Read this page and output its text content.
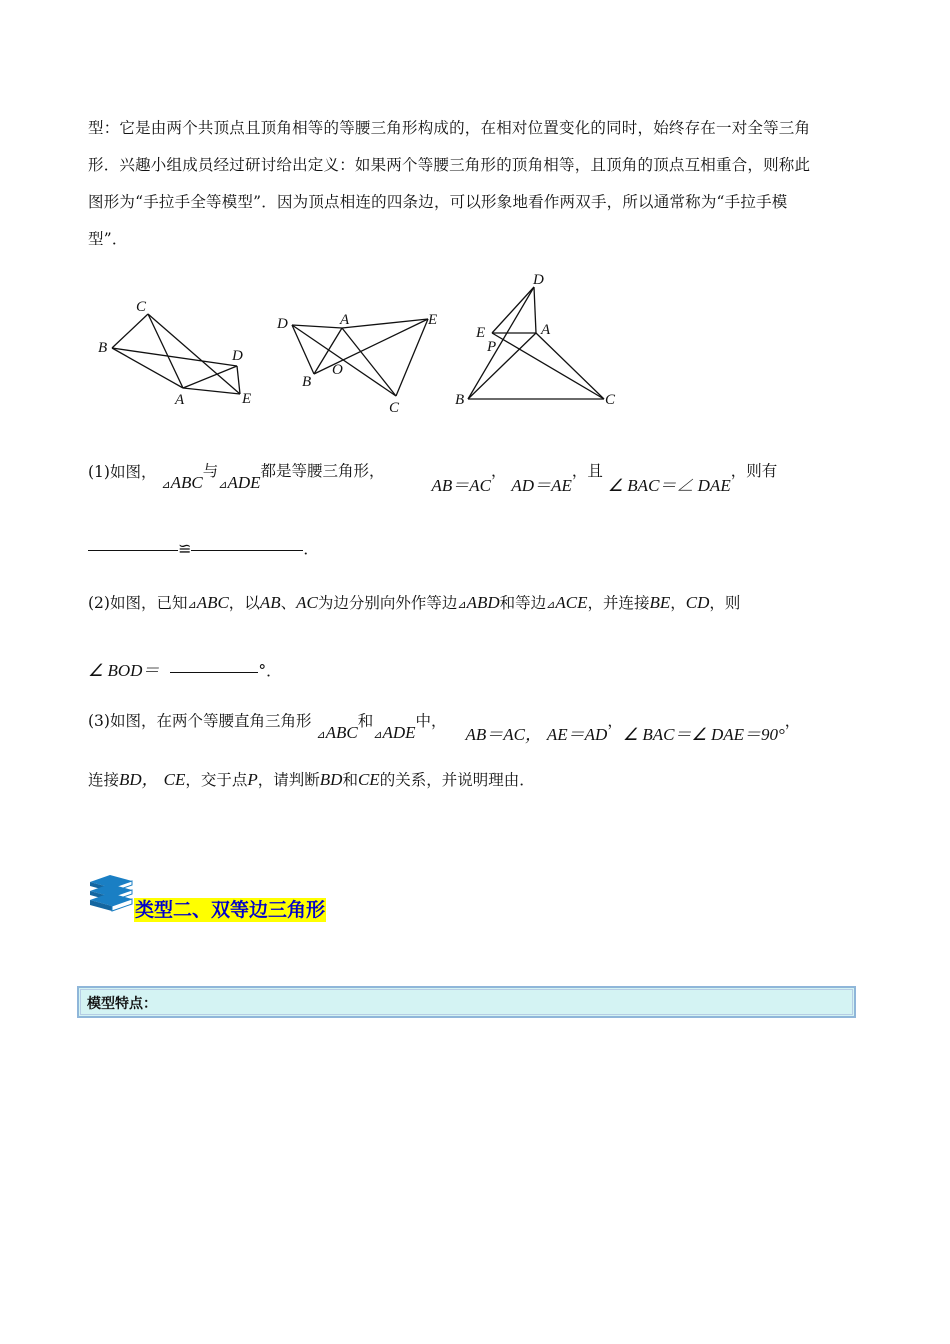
型：它是由两个共顶点且顶角相等的等腰三角形构成的，在相对位置变化的同时，始终存在一对全等三角
形．兴趣小组成员经过研讨给出定义：如果两个等腰三角形的顶角相等，且顶角的顶点互相重合，则称此
图形为“手拉手全等模型”．因为顶点相连的四条边，可以形象地看作两双手，所以通常称为“手拉手模
型”．
C
B	D
A	E
D	A	E
O
B
C
D
E	A
P
B	C
(1)如图， $_⊿$ABC与$_⊿$ADE都是等腰三角形， AB＝AC， AD＝AE，且 ∠ BAC＝∠ DAE，则有
≌	．
(2)如图，已知⊿ABC，以AB、AC为边分别向外作等边⊿ABD和等边⊿ACE，并连接BE，CD，则
∠ BOD＝	°．
(3)如图，在两个等腰直角三角形 $_⊿$ABC和$_⊿$ADE中， AB＝AC， AE＝AD，∠ BAC＝∠ DAE＝90°，
连接BD， CE，交于点P，请判断BD和CE的关系，并说明理由．
类型二、双等边三角形
模型特点：
